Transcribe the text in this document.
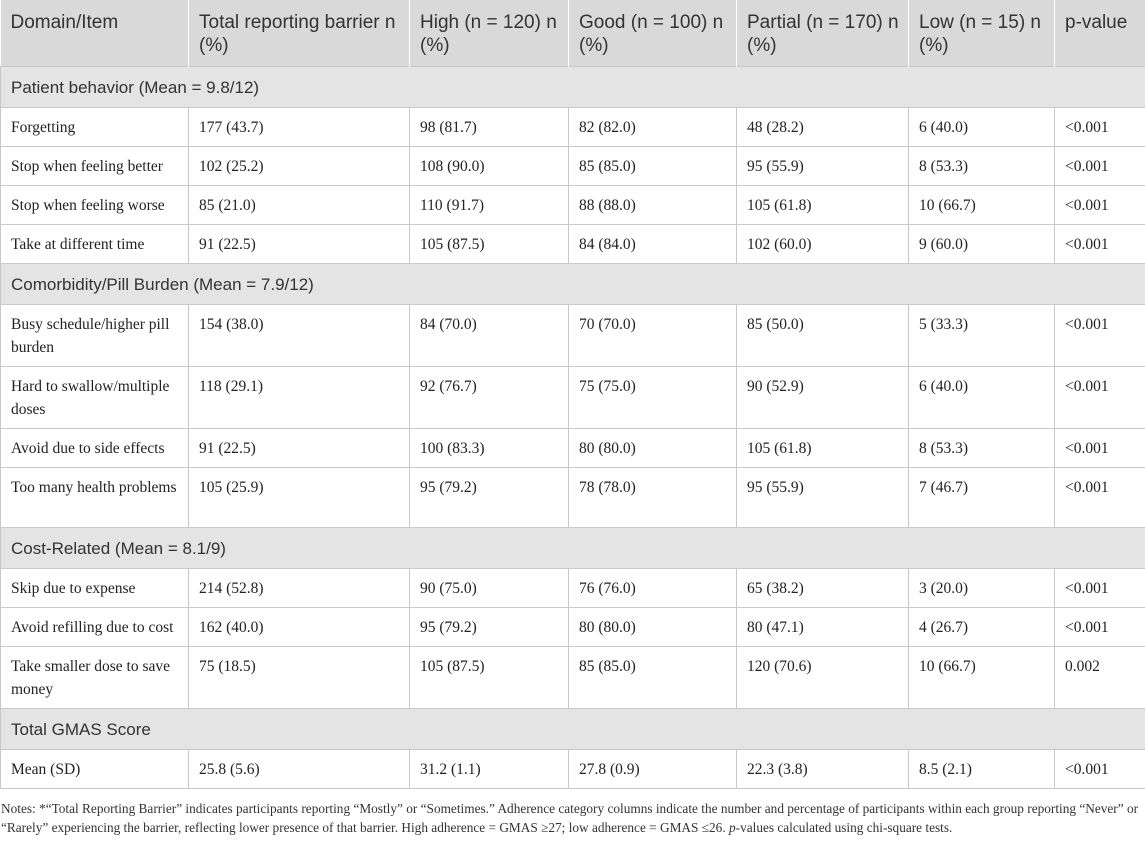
Domain/Item	Total reporting barrier n (%)	High (n = 120) n (%)	Good (n = 100) n (%)	Partial (n = 170) n (%)	Low (n = 15) n (%)	p-value
Patient behavior (Mean = 9.8/12)						
Forgetting	177 (43.7)	98 (81.7)	82 (82.0)	48 (28.2)	6 (40.0)	<0.001
Stop when feeling better	102 (25.2)	108 (90.0)	85 (85.0)	95 (55.9)	8 (53.3)	<0.001
Stop when feeling worse	85 (21.0)	110 (91.7)	88 (88.0)	105 (61.8)	10 (66.7)	<0.001
Take at different time	91 (22.5)	105 (87.5)	84 (84.0)	102 (60.0)	9 (60.0)	<0.001
Comorbidity/Pill Burden (Mean = 7.9/12)						
Busy schedule/higher pill burden	154 (38.0)	84 (70.0)	70 (70.0)	85 (50.0)	5 (33.3)	<0.001
Hard to swallow/multiple doses	118 (29.1)	92 (76.7)	75 (75.0)	90 (52.9)	6 (40.0)	<0.001
Avoid due to side effects	91 (22.5)	100 (83.3)	80 (80.0)	105 (61.8)	8 (53.3)	<0.001
Too many health problems	105 (25.9)	95 (79.2)	78 (78.0)	95 (55.9)	7 (46.7)	<0.001
Cost-Related (Mean = 8.1/9)						
Skip due to expense	214 (52.8)	90 (75.0)	76 (76.0)	65 (38.2)	3 (20.0)	<0.001
Avoid refilling due to cost	162 (40.0)	95 (79.2)	80 (80.0)	80 (47.1)	4 (26.7)	<0.001
Take smaller dose to save money	75 (18.5)	105 (87.5)	85 (85.0)	120 (70.6)	10 (66.7)	0.002
Total GMAS Score						
Mean (SD)	25.8 (5.6)	31.2 (1.1)	27.8 (0.9)	22.3 (3.8)	8.5 (2.1)	<0.001
Notes: *“Total Reporting Barrier” indicates participants reporting “Mostly” or “Sometimes.” Adherence category columns indicate the number and percentage of participants within each group reporting “Never” or “Rarely” experiencing the barrier, reflecting lower presence of that barrier. High adherence = GMAS ≥27; low adherence = GMAS ≤26. p-values calculated using chi-square tests.
